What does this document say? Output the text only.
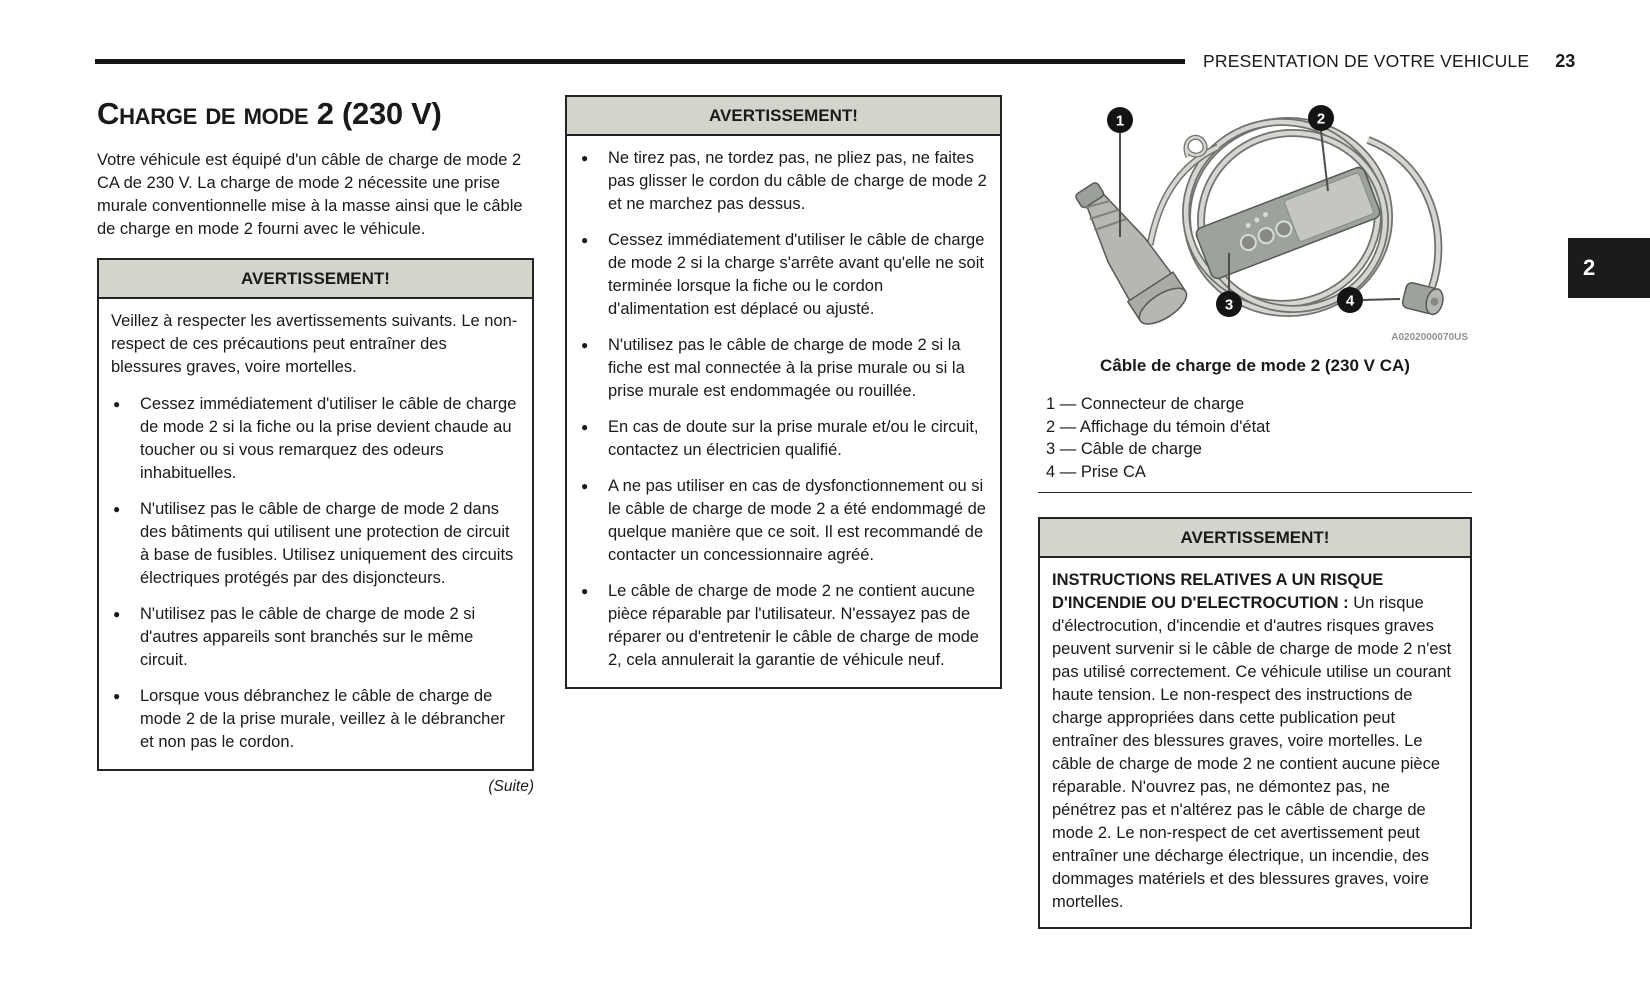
PRESENTATION DE VOTRE VEHICULE 23
2
Charge de mode 2 (230 V)

Votre véhicule est équipé d'un câble de charge de mode 2 CA de 230 V. La charge de mode 2 nécessite une prise murale conventionnelle mise à la masse ainsi que le câble de charge en mode 2 fourni avec le véhicule.

AVERTISSEMENT!

Veillez à respecter les avertissements suivants. Le non-respect de ces précautions peut entraîner des blessures graves, voire mortelles.

● Cessez immédiatement d'utiliser le câble de charge de mode 2 si la fiche ou la prise devient chaude au toucher ou si vous remarquez des odeurs inhabituelles.
● N'utilisez pas le câble de charge de mode 2 dans des bâtiments qui utilisent une protection de circuit à base de fusibles. Utilisez uniquement des circuits électriques protégés par des disjoncteurs.
● N'utilisez pas le câble de charge de mode 2 si d'autres appareils sont branchés sur le même circuit.
● Lorsque vous débranchez le câble de charge de mode 2 de la prise murale, veillez à le débrancher et non pas le cordon.
(Suite)
AVERTISSEMENT!
● Ne tirez pas, ne tordez pas, ne pliez pas, ne faites pas glisser le cordon du câble de charge de mode 2 et ne marchez pas dessus.
● Cessez immédiatement d'utiliser le câble de charge de mode 2 si la charge s'arrête avant qu'elle ne soit terminée lorsque la fiche ou le cordon d'alimentation est déplacé ou ajusté.
● N'utilisez pas le câble de charge de mode 2 si la fiche est mal connectée à la prise murale ou si la prise murale est endommagée ou rouillée.
● En cas de doute sur la prise murale et/ou le circuit, contactez un électricien qualifié.
● A ne pas utiliser en cas de dysfonctionnement ou si le câble de charge de mode 2 a été endommagé de quelque manière que ce soit. Il est recommandé de contacter un concessionnaire agréé.
● Le câble de charge de mode 2 ne contient aucune pièce réparable par l'utilisateur. N'essayez pas de réparer ou d'entretenir le câble de charge de mode 2, cela annulerait la garantie de véhicule neuf.
1	2
3	4
A0202000070US
Câble de charge de mode 2 (230 V CA)
1 — Connecteur de charge
2 — Affichage du témoin d'état
3 — Câble de charge
4 — Prise CA
AVERTISSEMENT!

INSTRUCTIONS RELATIVES A UN RISQUE D'INCENDIE OU D'ELECTROCUTION : Un risque d'électrocution, d'incendie et d'autres risques graves peuvent survenir si le câble de charge de mode 2 n'est pas utilisé correctement. Ce véhicule utilise un courant haute tension. Le non-respect des instructions de charge appropriées dans cette publication peut entraîner des blessures graves, voire mortelles. Le câble de charge de mode 2 ne contient aucune pièce réparable. N'ouvrez pas, ne démontez pas, ne pénétrez pas et n'altérez pas le câble de charge de mode 2. Le non-respect de cet avertissement peut entraîner une décharge électrique, un incendie, des dommages matériels et des blessures graves, voire mortelles.
